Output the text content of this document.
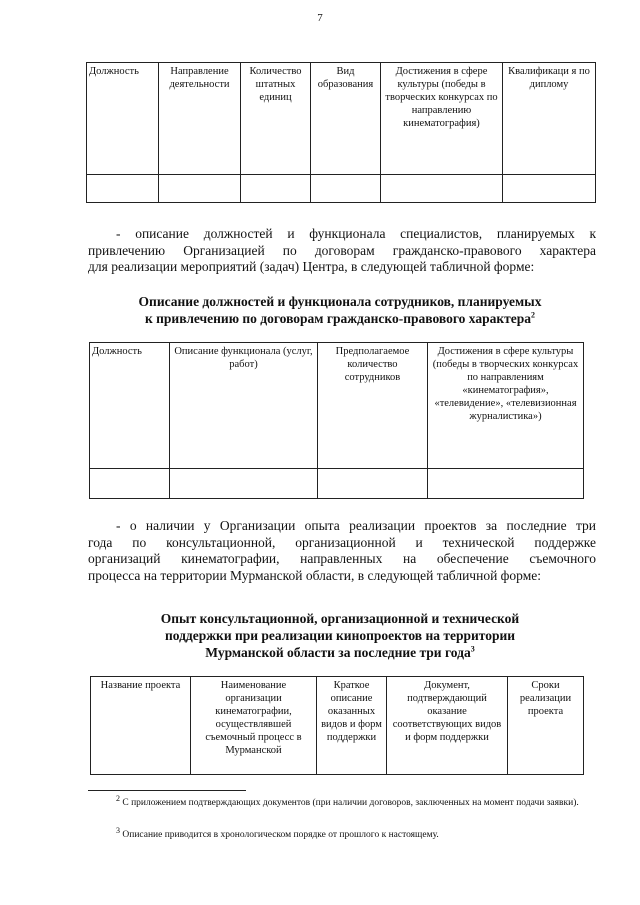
7
Должность	Направление деятельности	Количество штатных единиц	Вид образования	Достижения в сфере культуры (победы в творческих конкурсах по направлению кинематография)	Квалификаци я по диплому

- описание должностей и функционала специалистов, планируемых к
привлечению Организацией по договорам гражданско-правового характера
для реализации мероприятий (задач) Центра, в следующей табличной форме:
Описание должностей и функционала сотрудников, планируемых
к привлечению по договорам гражданско-правового характера$^2$
Должность	Описание функционала (услуг, работ)	Предполагаемое количество сотрудников	Достижения в сфере культуры (победы в творческих конкурсах по направлениям «кинематография», «телевидение», «телевизионная журналистика»)

- о наличии у Организации опыта реализации проектов за последние три
года по консультационной, организационной и технической поддержке
организаций кинематографии, направленных на обеспечение съемочного
процесса на территории Мурманской области, в следующей табличной форме:
Опыт консультационной, организационной и технической
поддержки при реализации кинопроектов на территории
Мурманской области за последние три года$^3$
Название проекта	Наименование организации кинематографии, осуществлявшей съемочный процесс в Мурманской	Краткое описание оказанных видов и форм поддержки	Документ, подтверждающий оказание соответствующих видов и форм поддержки	Сроки реализации проекта
$^2$ С приложением подтверждающих документов (при наличии договоров, заключенных на момент подачи заявки).
$^3$ Описание приводится в хронологическом порядке от прошлого к настоящему.
